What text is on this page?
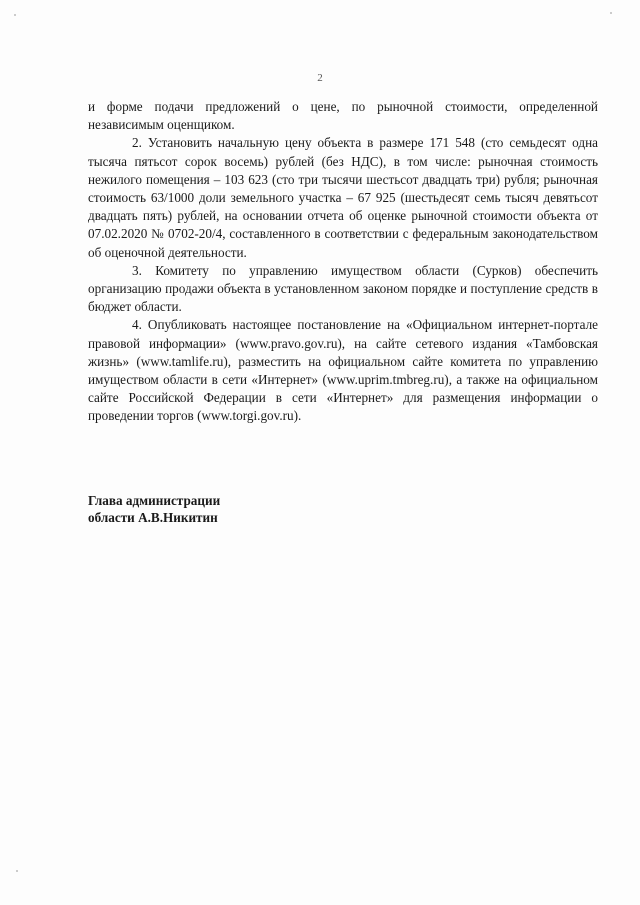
2

и форме подачи предложений о цене, по рыночной стоимости, определенной независимым оценщиком.

2. Установить начальную цену объекта в размере 171 548 (сто семьдесят одна тысяча пятьсот сорок восемь) рублей (без НДС), в том числе: рыночная стоимость нежилого помещения – 103 623 (сто три тысячи шестьсот двадцать три) рубля; рыночная стоимость 63/1000 доли земельного участка – 67 925 (шестьдесят семь тысяч девятьсот двадцать пять) рублей, на основании отчета об оценке рыночной стоимости объекта от 07.02.2020 № 0702-20/4, составленного в соответствии с федеральным законодательством об оценочной деятельности.

3. Комитету по управлению имуществом области (Сурков) обеспечить организацию продажи объекта в установленном законом порядке и поступление средств в бюджет области.

4. Опубликовать настоящее постановление на «Официальном интернет-портале правовой информации» (www.pravo.gov.ru), на сайте сетевого издания «Тамбовская жизнь» (www.tamlife.ru), разместить на официальном сайте комитета по управлению имуществом области в сети «Интернет» (www.uprim.tmbreg.ru), а также на официальном сайте Российской Федерации в сети «Интернет» для размещения информации о проведении торгов (www.torgi.gov.ru).

Глава администрации
области А.В.Никитин
